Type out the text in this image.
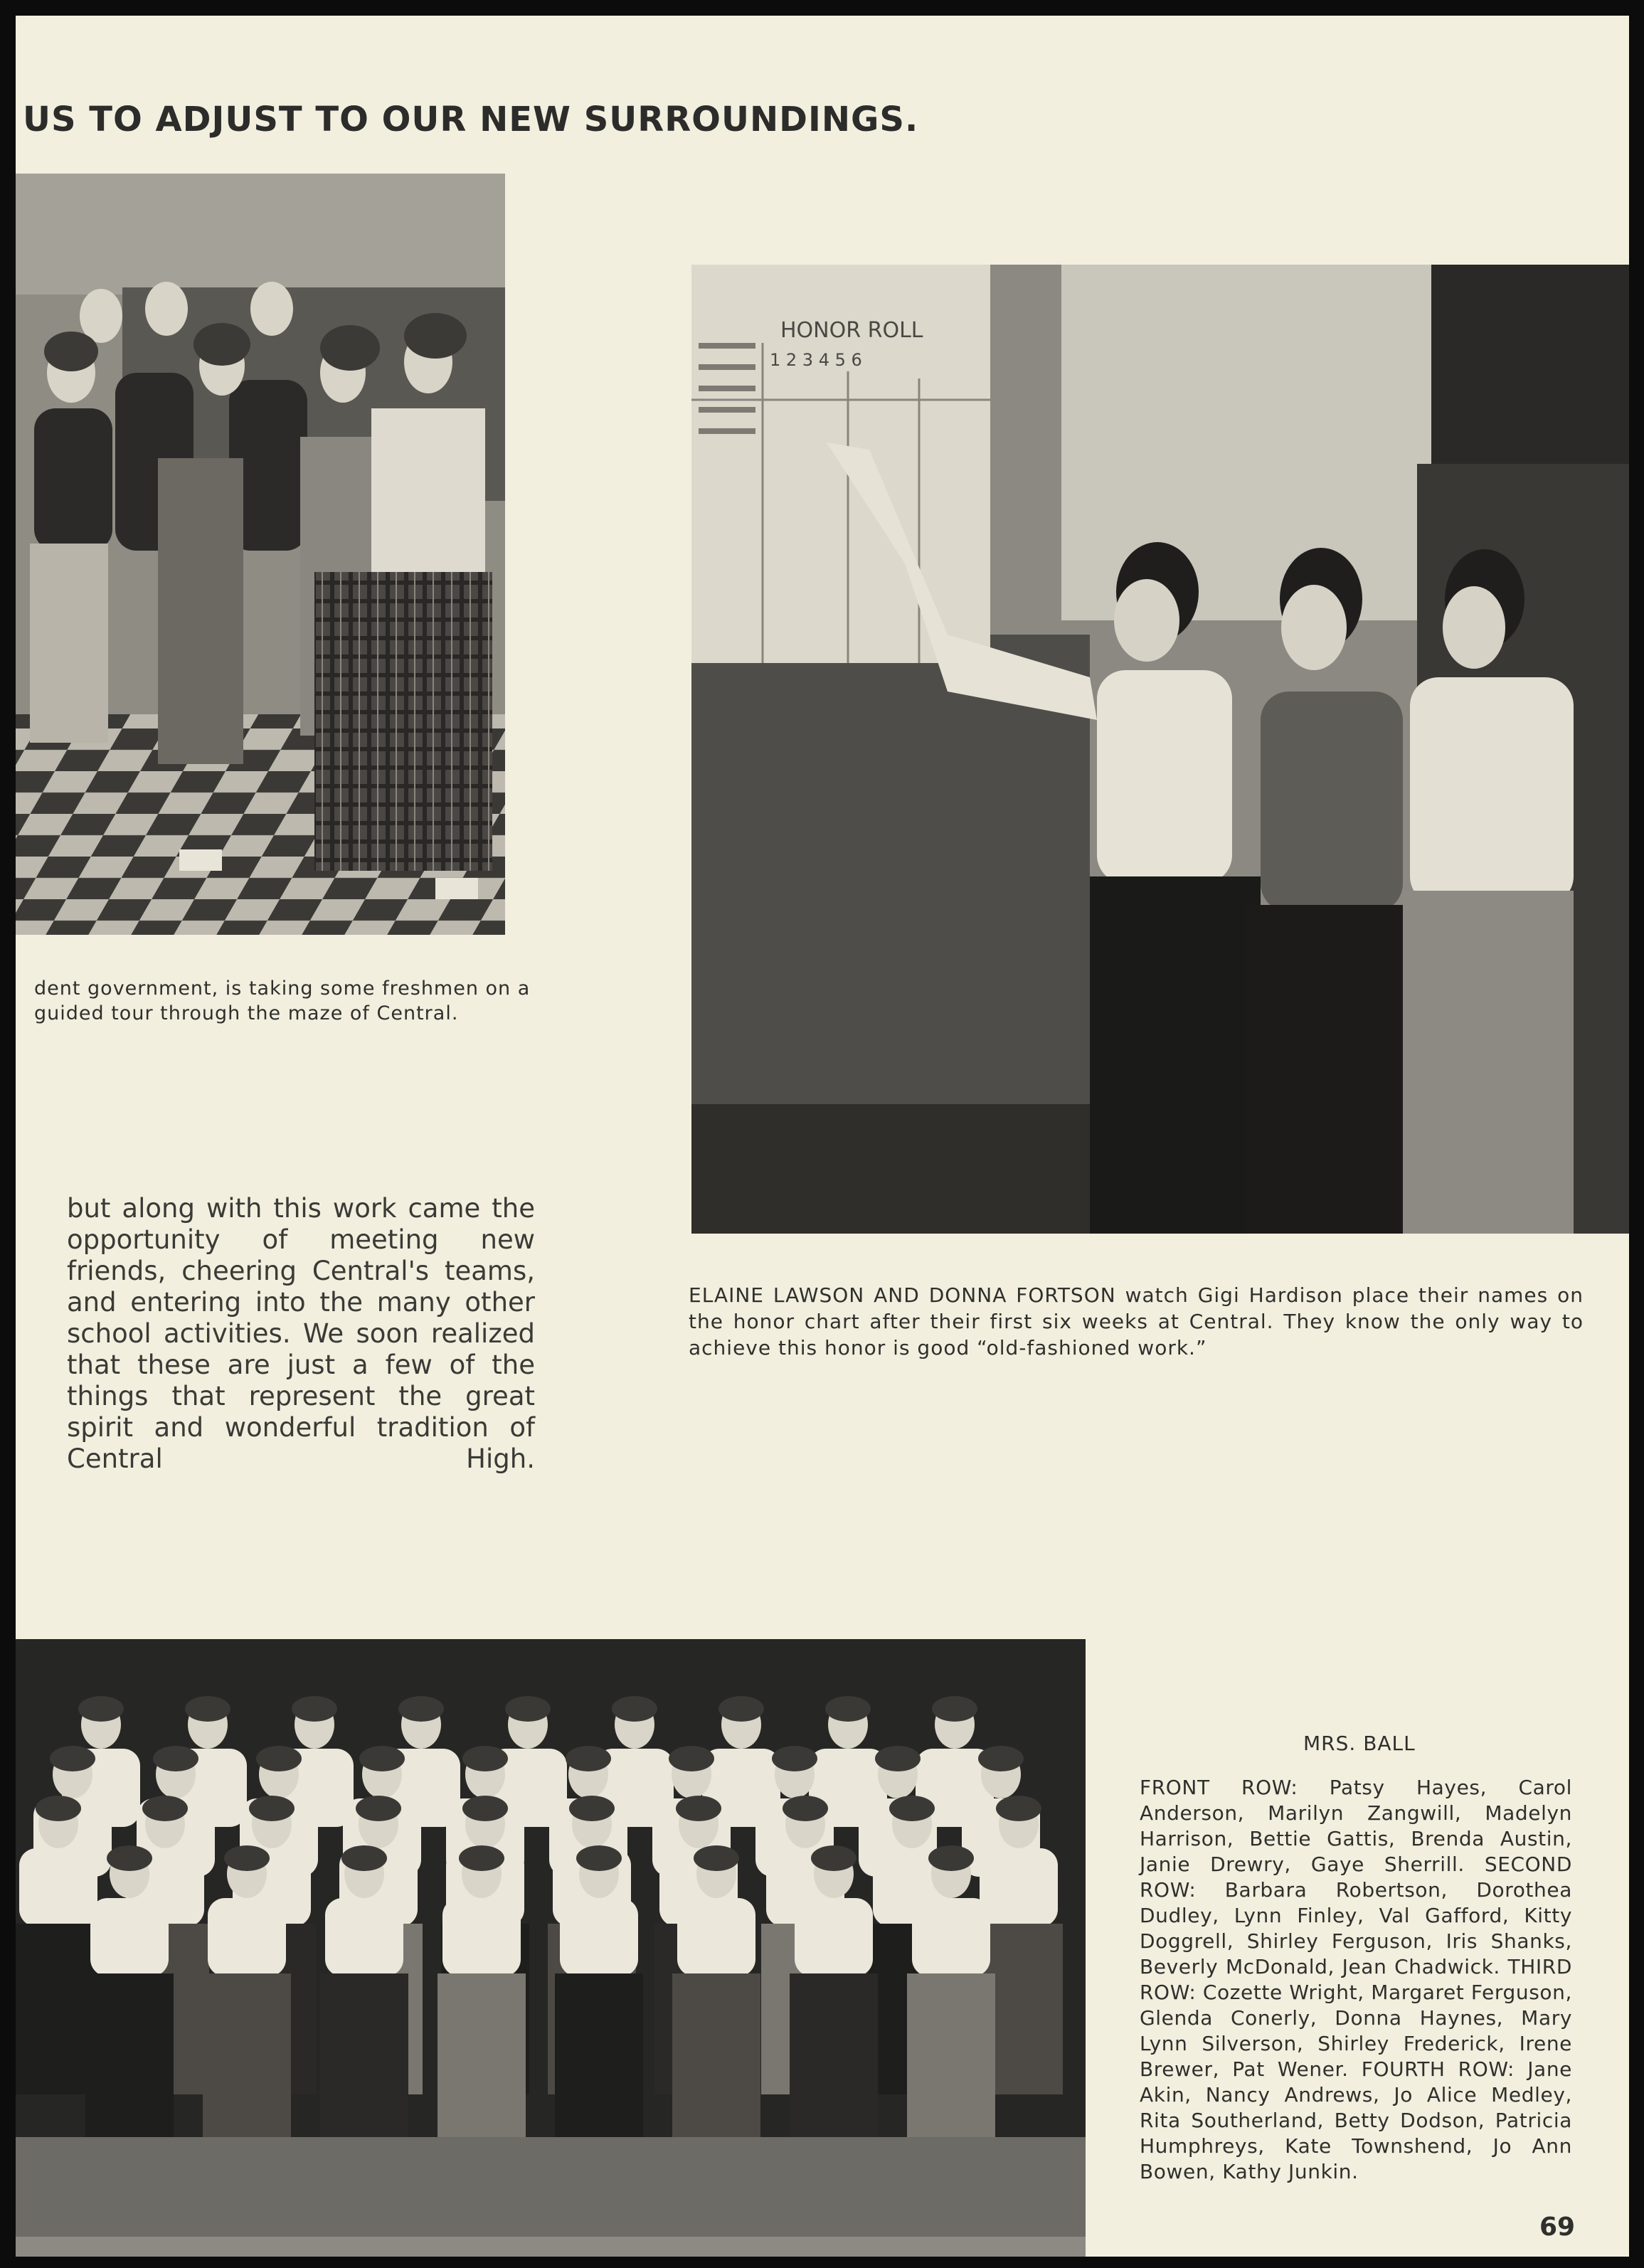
US TO ADJUST TO OUR NEW SURROUNDINGS.

dent government, is taking some freshmen on a guided tour through the maze of Central.

but along with this work came the opportunity of meeting new friends, cheering Central's teams, and entering into the many other school activities. We soon realized that these are just a few of the things that represent the great spirit and wonderful tradition of Central High.

HONOR ROLL
1 2 3 4 5 6

ELAINE LAWSON AND DONNA FORTSON watch Gigi Hardison place their names on the honor chart after their first six weeks at Central. They know the only way to achieve this honor is good “old-fashioned work.”

MRS. BALL

FRONT ROW: Patsy Hayes, Carol Anderson, Marilyn Zangwill, Madelyn Harrison, Bettie Gattis, Brenda Austin, Janie Drewry, Gaye Sherrill. SECOND ROW: Barbara Robertson, Dorothea Dudley, Lynn Finley, Val Gafford, Kitty Doggrell, Shirley Ferguson, Iris Shanks, Beverly McDonald, Jean Chadwick. THIRD ROW: Cozette Wright, Margaret Ferguson, Glenda Conerly, Donna Haynes, Mary Lynn Silverson, Shirley Frederick, Irene Brewer, Pat Wener. FOURTH ROW: Jane Akin, Nancy Andrews, Jo Alice Medley, Rita Southerland, Betty Dodson, Patricia Humphreys, Kate Townshend, Jo Ann Bowen, Kathy Junkin.

69
